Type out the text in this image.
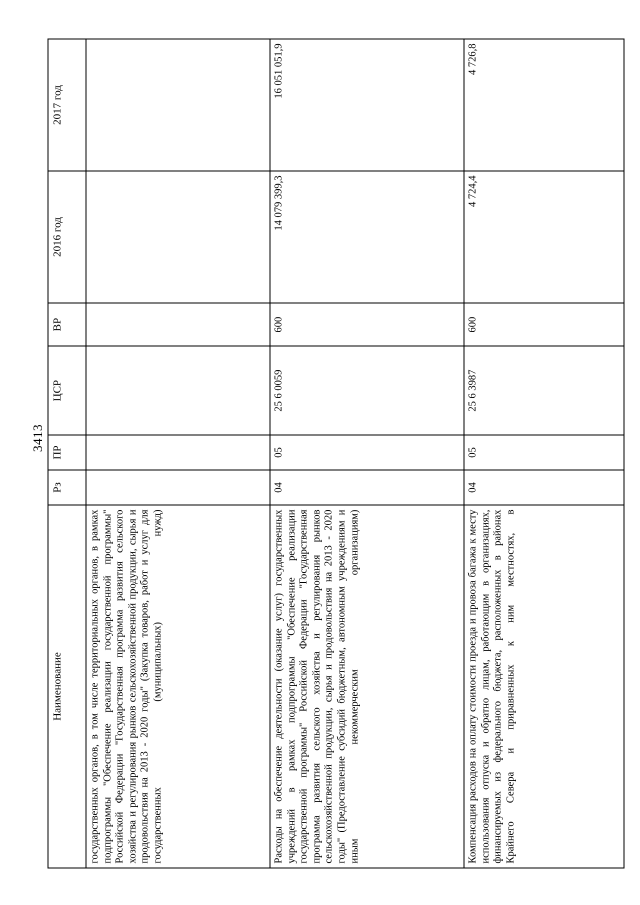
3413
Наименование	Рз	ПР	ЦСР	ВР	2016 год	2017 год
государственных органов, в том числе территориальных органов, в рамках подпрограммы "Обеспечение реализации государственной программы" Российской Федерации "Государственная программа развития сельского хозяйства и регулирования рынков сельскохозяйственной продукции, сырья и продовольствия на 2013 - 2020 годы" (Закупка товаров, работ и услуг для государственных (муниципальных) нужд)						
Расходы на обеспечение деятельности (оказание услуг) государственных учреждений в рамках подпрограммы "Обеспечение реализации государственной программы" Российской Федерации "Государственная программа развития сельского хозяйства и регулирования рынков сельскохозяйственной продукции, сырья и продовольствия на 2013 - 2020 годы" (Предоставление субсидий бюджетным, автономным учреждениям и иным некоммерческим организациям)	04	05	25 6 0059	600	14 079 399,3	16 051 051,9
Компенсация расходов на оплату стоимости проезда и провоза багажа к месту использования отпуска и обратно лицам, работающим в организациях, финансируемых из федерального бюджета, расположенных в районах Крайнего Севера и приравненных к ним местностях, в	04	05	25 6 3987	600	4 724,4	4 726,8
